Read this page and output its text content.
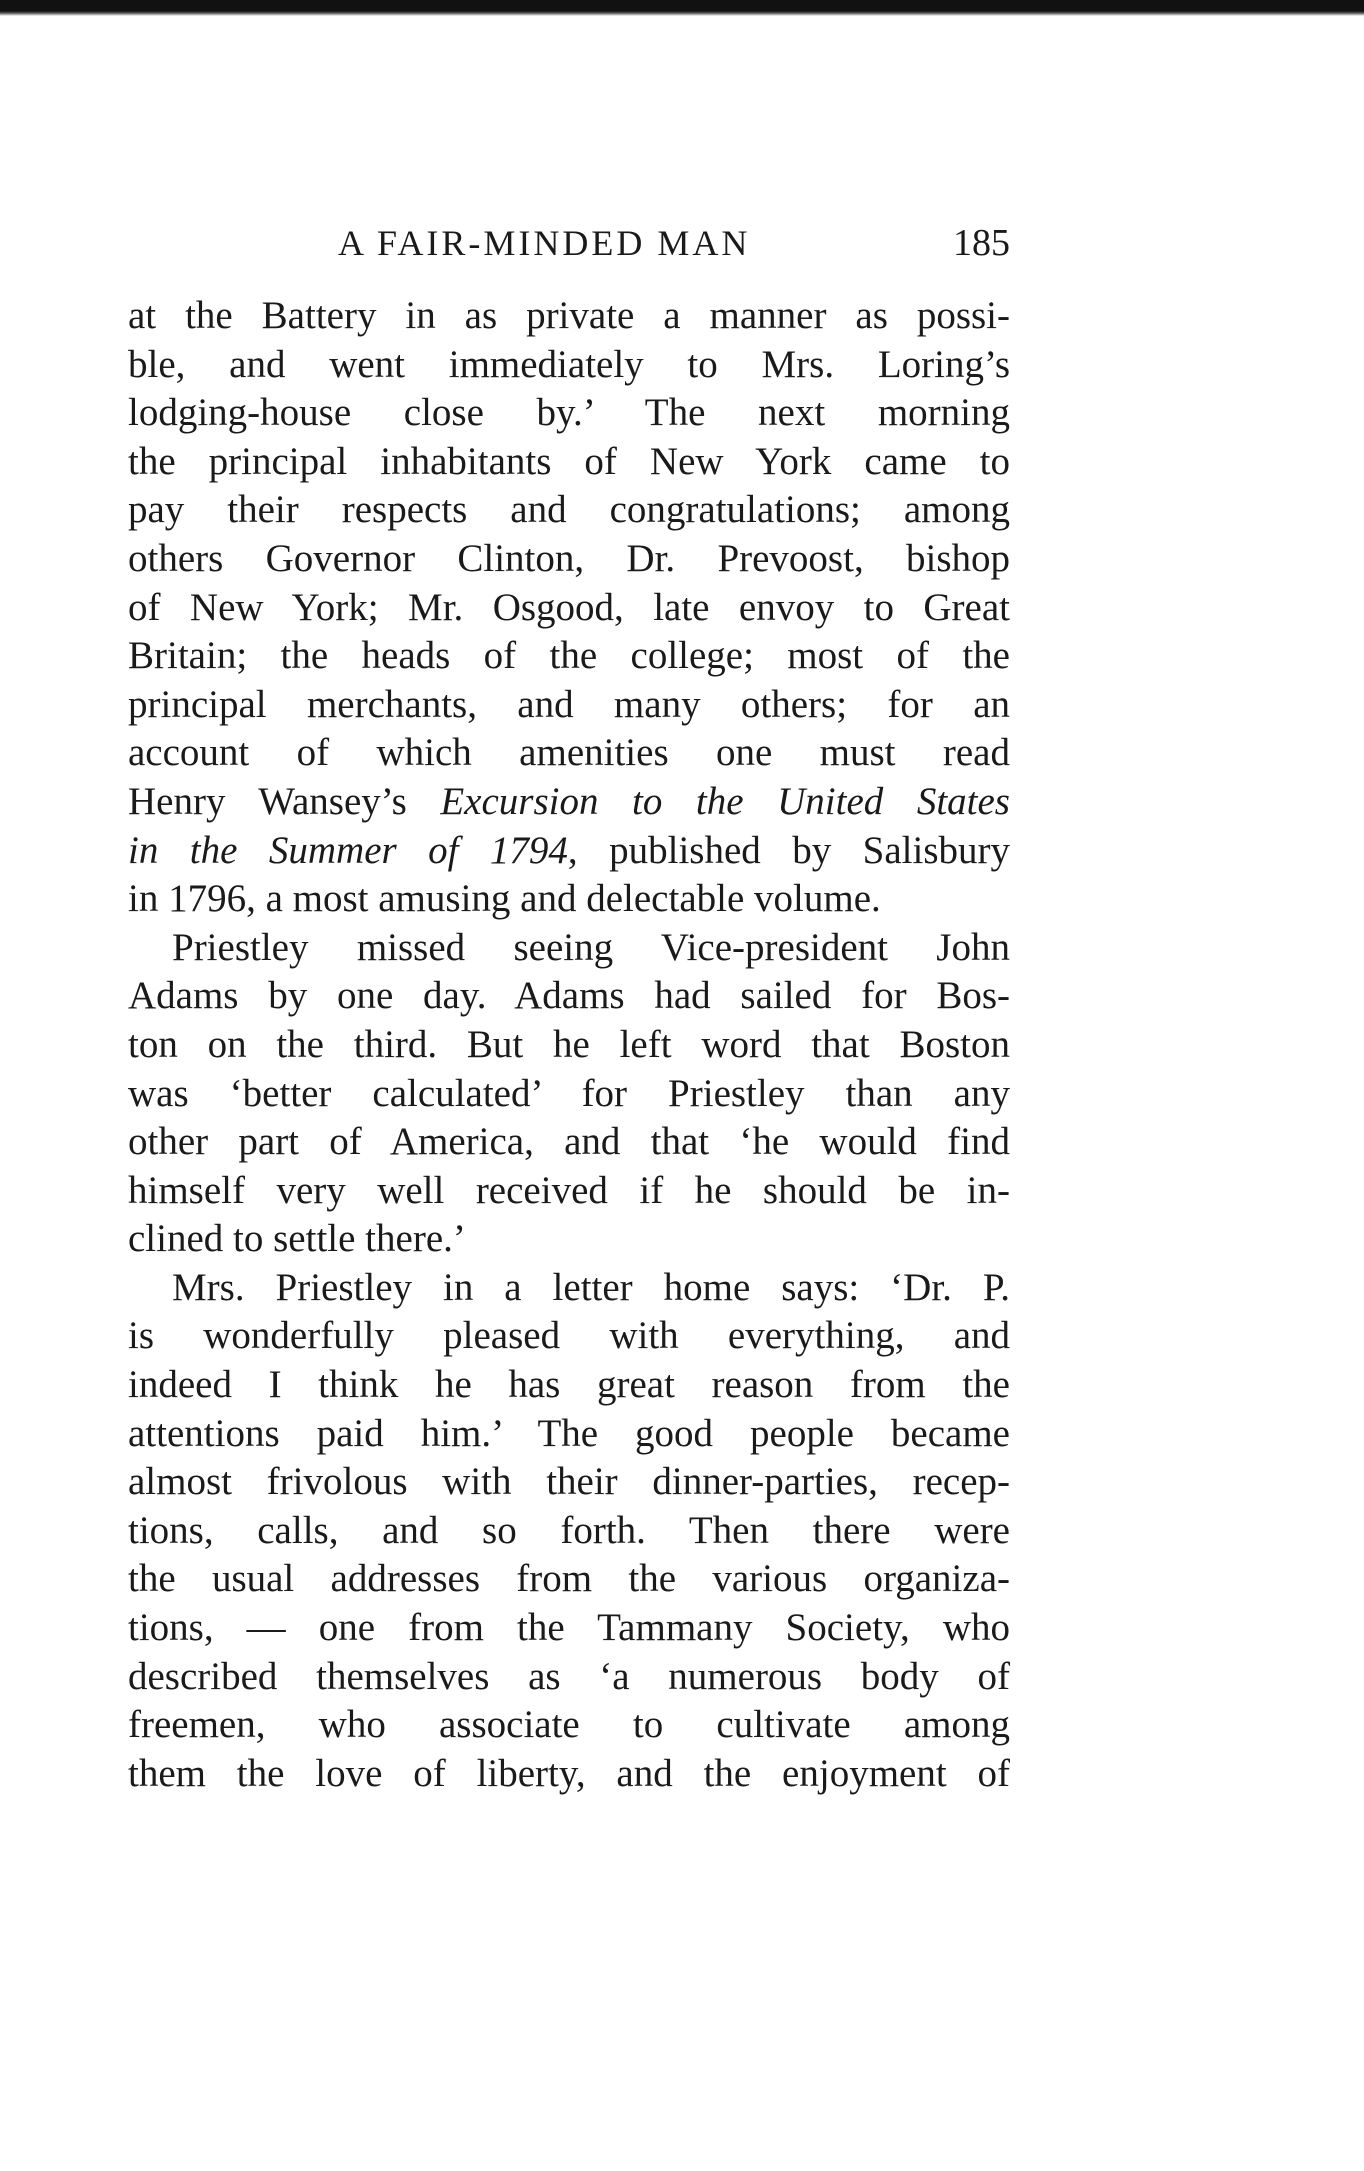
A FAIR-MINDED MAN	185
at the Battery in as private a manner as possi-
ble, and went immediately to Mrs. Loring’s
lodging-house close by.’ The next morning
the principal inhabitants of New York came to
pay their respects and congratulations; among
others Governor Clinton, Dr. Prevoost, bishop
of New York; Mr. Osgood, late envoy to Great
Britain; the heads of the college; most of the
principal merchants, and many others; for an
account of which amenities one must read
Henry Wansey’s Excursion to the United States
in the Summer of 1794, published by Salisbury
in 1796, a most amusing and delectable volume.
Priestley missed seeing Vice-president John
Adams by one day. Adams had sailed for Bos-
ton on the third. But he left word that Boston
was ‘better calculated’ for Priestley than any
other part of America, and that ‘he would find
himself very well received if he should be in-
clined to settle there.’
Mrs. Priestley in a letter home says: ‘Dr. P.
is wonderfully pleased with everything, and
indeed I think he has great reason from the
attentions paid him.’ The good people became
almost frivolous with their dinner-parties, recep-
tions, calls, and so forth. Then there were
the usual addresses from the various organiza-
tions, — one from the Tammany Society, who
described themselves as ‘a numerous body of
freemen, who associate to cultivate among
them the love of liberty, and the enjoyment of
